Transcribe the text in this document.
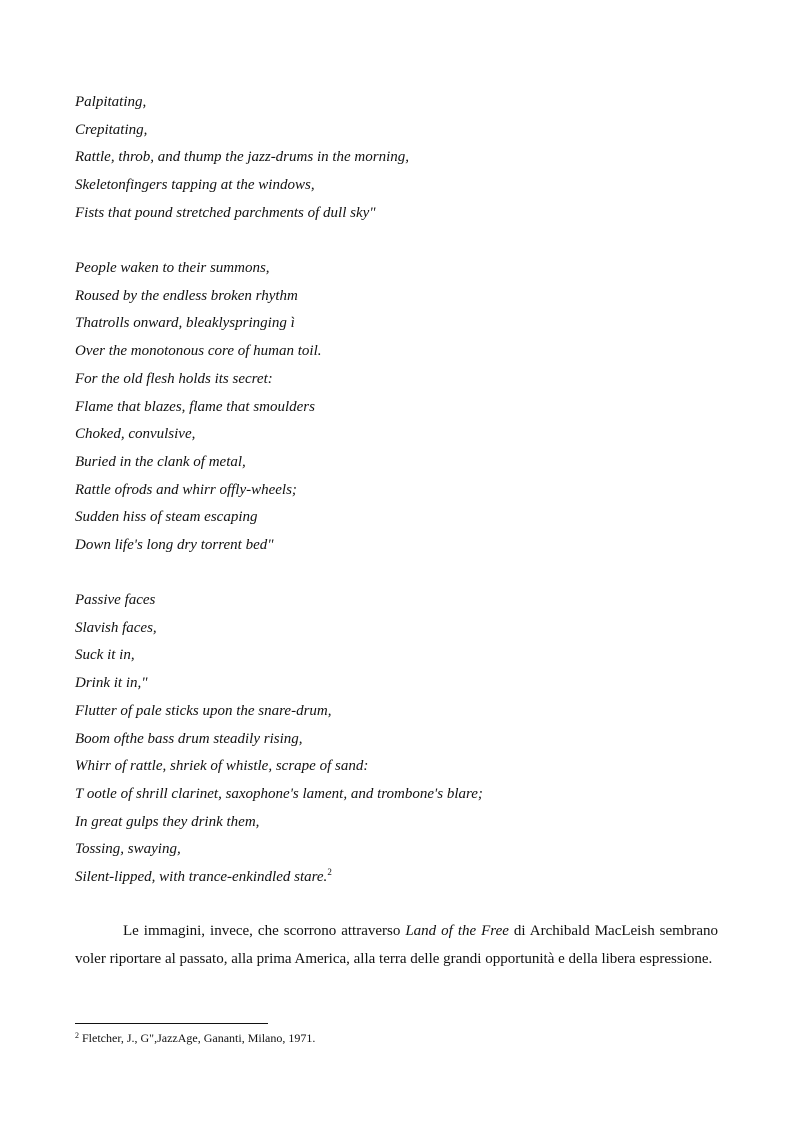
Palpitating,
Crepitating,
Rattle, throb, and thump the jazz-drums in the morning,
Skeletonfingers tapping at the windows,
Fists that pound stretched parchments of dull sky"
People waken to their summons,
Roused by the endless broken rhythm
Thatrolls onward, bleaklyspringing ì
Over the monotonous core of human toil.
For the old flesh holds its secret:
Flame that blazes, flame that smoulders
Choked, convulsive,
Buried in the clank of metal,
Rattle ofrods and whirr offly-wheels;
Sudden hiss of steam escaping
Down life's long dry torrent bed"
Passive faces
Slavish faces,
Suck it in,
Drink it in,"
Flutter of pale sticks upon the snare-drum,
Boom ofthe bass drum steadily rising,
Whirr of rattle, shriek of whistle, scrape of sand:
T ootle of shrill clarinet, saxophone's lament, and trombone's blare;
In great gulps they drink them,
Tossing, swaying,
Silent-lipped, with trance-enkindled stare.$^2$

Le immagini, invece, che scorrono attraverso Land of the Free di Archibald MacLeish sembrano voler riportare al passato, alla prima America, alla terra delle grandi opportunità e della libera espressione.

$^2$ Fletcher, J., G",JazzAge, Gananti, Milano, 1971.
